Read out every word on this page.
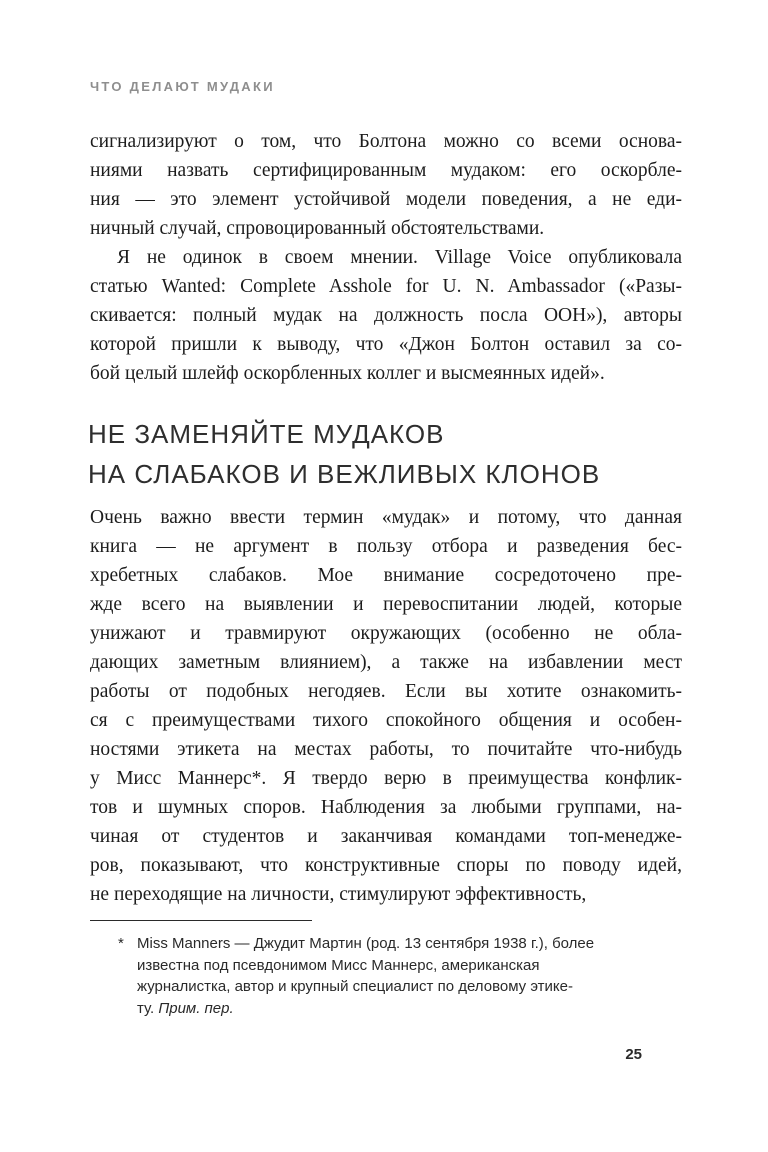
ЧТО ДЕЛАЮТ МУДАКИ
сигнализируют о том, что Болтона можно со всеми основа-
ниями назвать сертифицированным мудаком: его оскорбле-
ния — это элемент устойчивой модели поведения, а не еди-
ничный случай, спровоцированный обстоятельствами.
Я не одинок в своем мнении. Village Voice опубликовала
статью Wanted: Complete Asshole for U. N. Ambassador («Разы-
скивается: полный мудак на должность посла ООН»), авторы
которой пришли к выводу, что «Джон Болтон оставил за со-
бой целый шлейф оскорбленных коллег и высмеянных идей».
НЕ ЗАМЕНЯЙТЕ МУДАКОВ
НА СЛАБАКОВ И ВЕЖЛИВЫХ КЛОНОВ
Очень важно ввести термин «мудак» и потому, что данная
книга — не аргумент в пользу отбора и разведения бес-
хребетных слабаков. Мое внимание сосредоточено пре-
жде всего на выявлении и перевоспитании людей, которые
унижают и травмируют окружающих (особенно не обла-
дающих заметным влиянием), а также на избавлении мест
работы от подобных негодяев. Если вы хотите ознакомить-
ся с преимуществами тихого спокойного общения и особен-
ностями этикета на местах работы, то почитайте что-нибудь
у Мисс Маннерс*. Я твердо верю в преимущества конфлик-
тов и шумных споров. Наблюдения за любыми группами, на-
чиная от студентов и заканчивая командами топ-менедже-
ров, показывают, что конструктивные споры по поводу идей,
не переходящие на личности, стимулируют эффективность,
* Miss Manners — Джудит Мартин (род. 13 сентября 1938 г.), более
известна под псевдонимом Мисс Маннерс, американская
журналистка, автор и крупный специалист по деловому этике-
ту. Прим. пер.
25
